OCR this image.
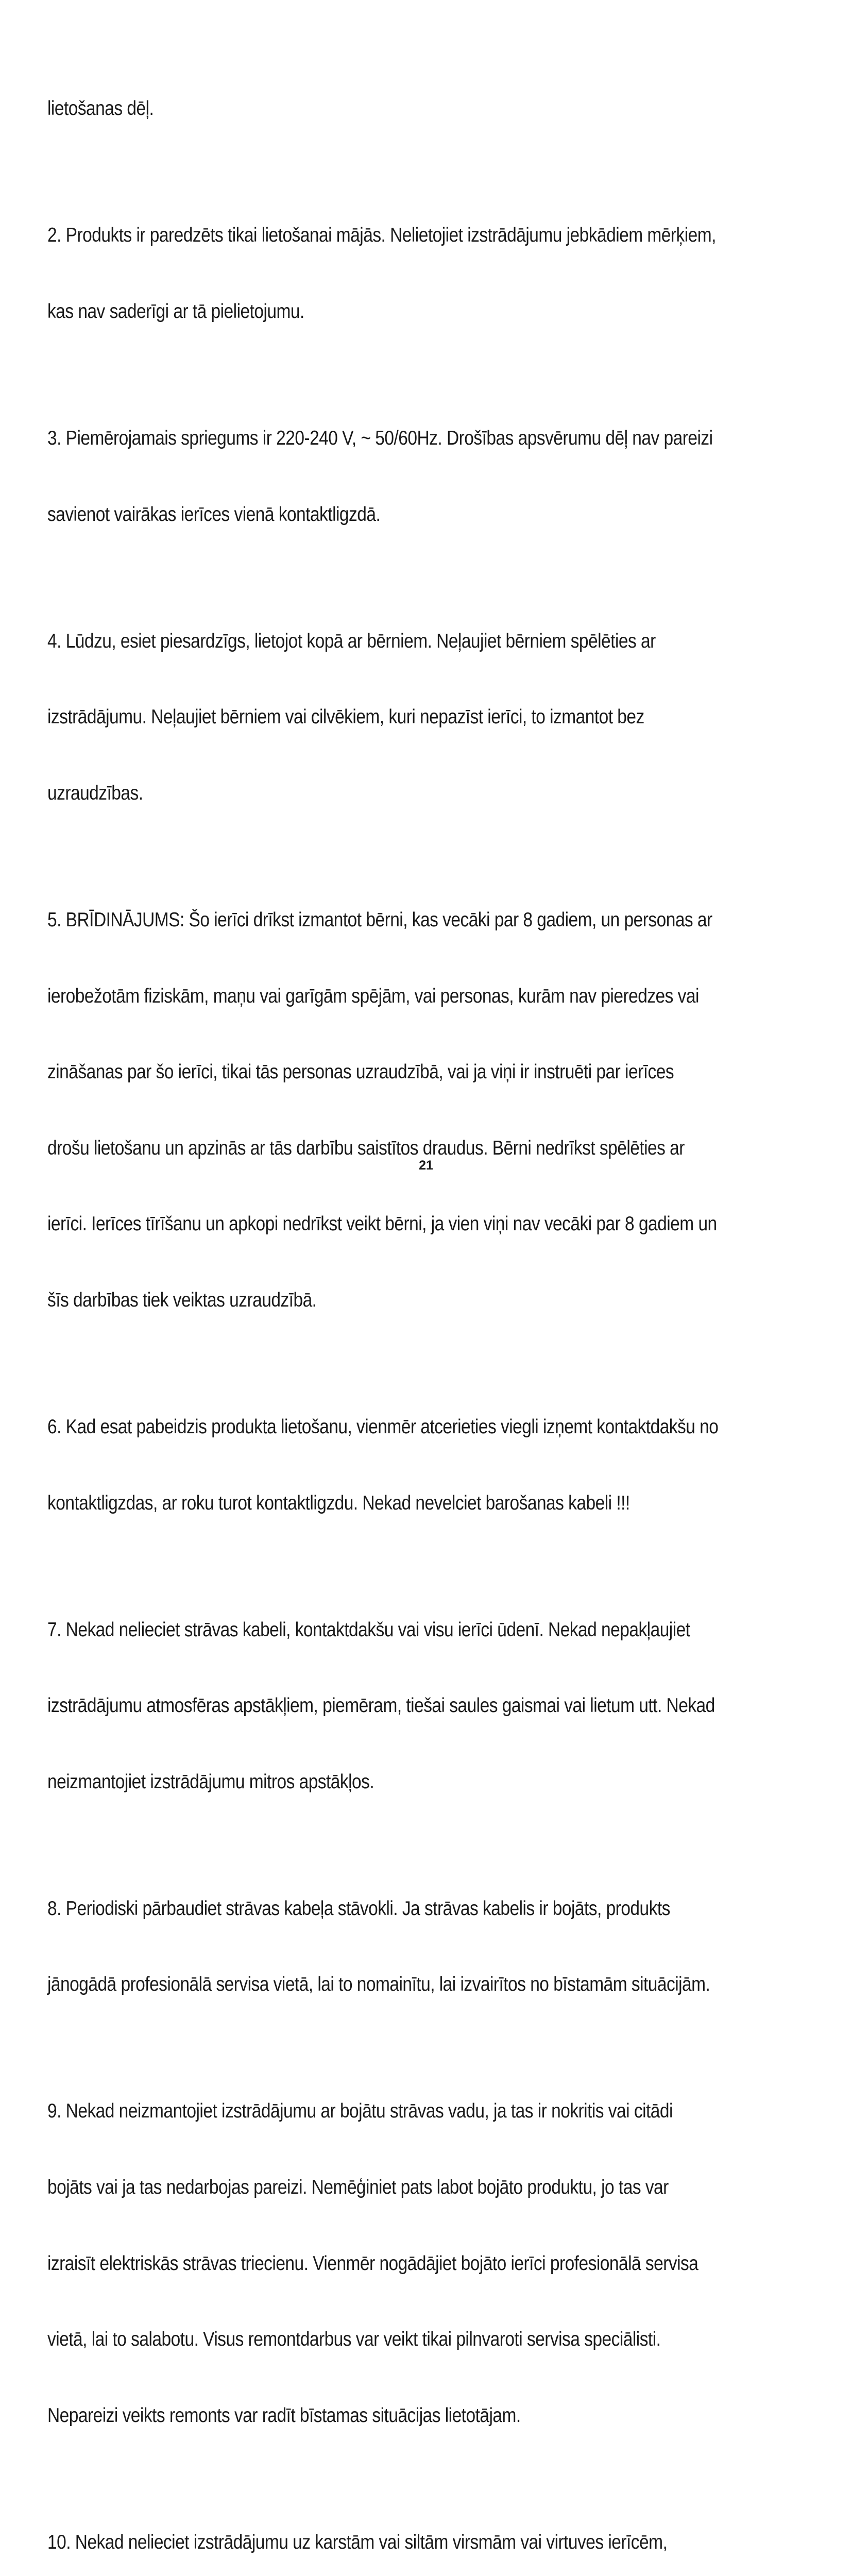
lietošanas dēļ.

2. Produkts ir paredzēts tikai lietošanai mājās. Nelietojiet izstrādājumu jebkādiem mērķiem,

kas nav saderīgi ar tā pielietojumu.

3. Piemērojamais spriegums ir 220-240 V, ~ 50/60Hz. Drošības apsvērumu dēļ nav pareizi

savienot vairākas ierīces vienā kontaktligzdā.

4. Lūdzu, esiet piesardzīgs, lietojot kopā ar bērniem. Neļaujiet bērniem spēlēties ar

izstrādājumu. Neļaujiet bērniem vai cilvēkiem, kuri nepazīst ierīci, to izmantot bez

uzraudzības.

5. BRĪDINĀJUMS: Šo ierīci drīkst izmantot bērni, kas vecāki par 8 gadiem, un personas ar

ierobežotām fiziskām, maņu vai garīgām spējām, vai personas, kurām nav pieredzes vai

zināšanas par šo ierīci, tikai tās personas uzraudzībā, vai ja viņi ir instruēti par ierīces

drošu lietošanu un apzinās ar tās darbību saistītos draudus. Bērni nedrīkst spēlēties ar

ierīci. Ierīces tīrīšanu un apkopi nedrīkst veikt bērni, ja vien viņi nav vecāki par 8 gadiem un

šīs darbības tiek veiktas uzraudzībā.

6. Kad esat pabeidzis produkta lietošanu, vienmēr atcerieties viegli izņemt kontaktdakšu no

kontaktligzdas, ar roku turot kontaktligzdu. Nekad nevelciet barošanas kabeli !!!

7. Nekad nelieciet strāvas kabeli, kontaktdakšu vai visu ierīci ūdenī. Nekad nepakļaujiet

izstrādājumu atmosfēras apstākļiem, piemēram, tiešai saules gaismai vai lietum utt. Nekad

neizmantojiet izstrādājumu mitros apstākļos.

8. Periodiski pārbaudiet strāvas kabeļa stāvokli. Ja strāvas kabelis ir bojāts, produkts

jānogādā profesionālā servisa vietā, lai to nomainītu, lai izvairītos no bīstamām situācijām.

9. Nekad neizmantojiet izstrādājumu ar bojātu strāvas vadu, ja tas ir nokritis vai citādi

bojāts vai ja tas nedarbojas pareizi. Nemēģiniet pats labot bojāto produktu, jo tas var

izraisīt elektriskās strāvas triecienu. Vienmēr nogādājiet bojāto ierīci profesionālā servisa

vietā, lai to salabotu. Visus remontdarbus var veikt tikai pilnvaroti servisa speciālisti.

Nepareizi veikts remonts var radīt bīstamas situācijas lietotājam.

10. Nekad nelieciet izstrādājumu uz karstām vai siltām virsmām vai virtuves ierīcēm,

21
